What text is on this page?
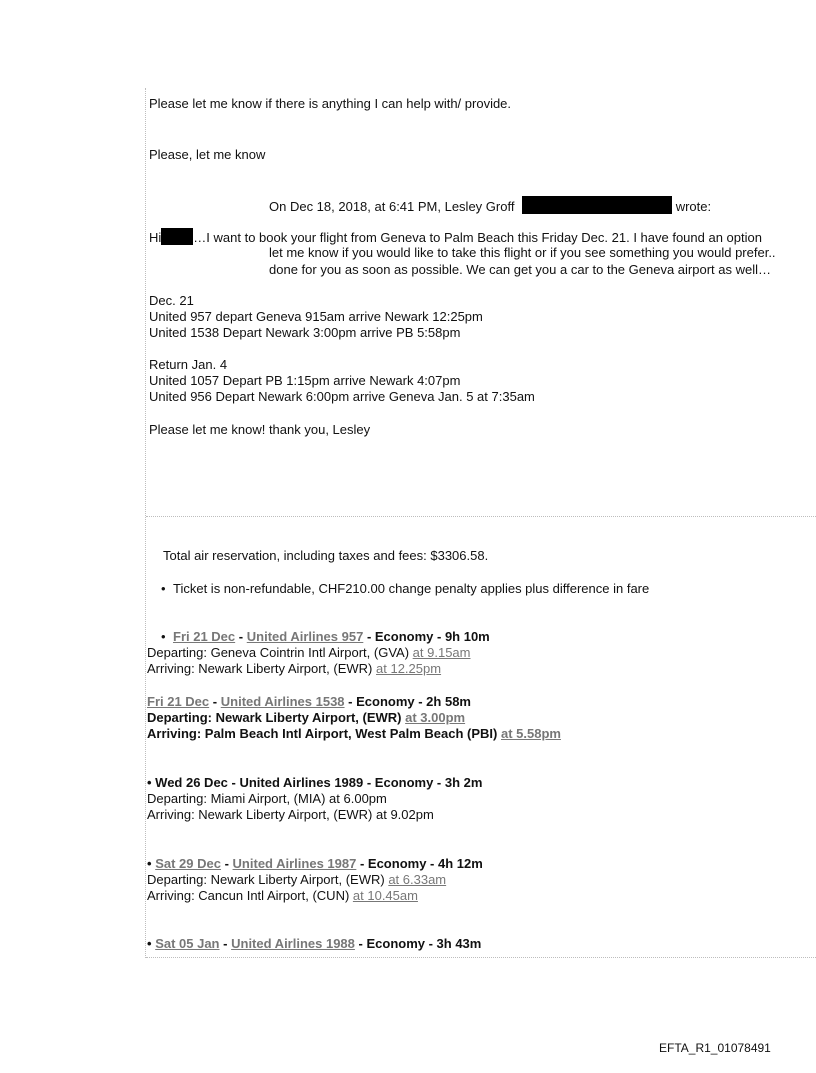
Please let me know if there is anything I can help with/ provide.
Please, let me know
On Dec 18, 2018, at 6:41 PM, Lesley Groff	wrote:
Hi …I want to book your flight from Geneva to Palm Beach this Friday Dec. 21. I have found an option
let me know if you would like to take this flight or if you see something you would prefer..
done for you as soon as possible. We can get you a car to the Geneva airport as well…
Dec. 21
United 957 depart Geneva 915am arrive Newark 12:25pm
United 1538 Depart Newark 3:00pm arrive PB 5:58pm
Return Jan. 4
United 1057 Depart PB 1:15pm arrive Newark 4:07pm
United 956 Depart Newark 6:00pm arrive Geneva Jan. 5 at 7:35am
Please let me know! thank you, Lesley
Total air reservation, including taxes and fees: $3306.58.
• Ticket is non-refundable, CHF210.00 change penalty applies plus difference in fare
• Fri 21 Dec - United Airlines 957 - Economy - 9h 10m
Departing: Geneva Cointrin Intl Airport, (GVA) at 9.15am
Arriving: Newark Liberty Airport, (EWR) at 12.25pm
Fri 21 Dec - United Airlines 1538 - Economy - 2h 58m
Departing: Newark Liberty Airport, (EWR) at 3.00pm
Arriving: Palm Beach Intl Airport, West Palm Beach (PBI) at 5.58pm
• Wed 26 Dec - United Airlines 1989 - Economy - 3h 2m
Departing: Miami Airport, (MIA) at 6.00pm
Arriving: Newark Liberty Airport, (EWR) at 9.02pm
• Sat 29 Dec - United Airlines 1987 - Economy - 4h 12m
Departing: Newark Liberty Airport, (EWR) at 6.33am
Arriving: Cancun Intl Airport, (CUN) at 10.45am
• Sat 05 Jan - United Airlines 1988 - Economy - 3h 43m
EFTA_R1_01078491
